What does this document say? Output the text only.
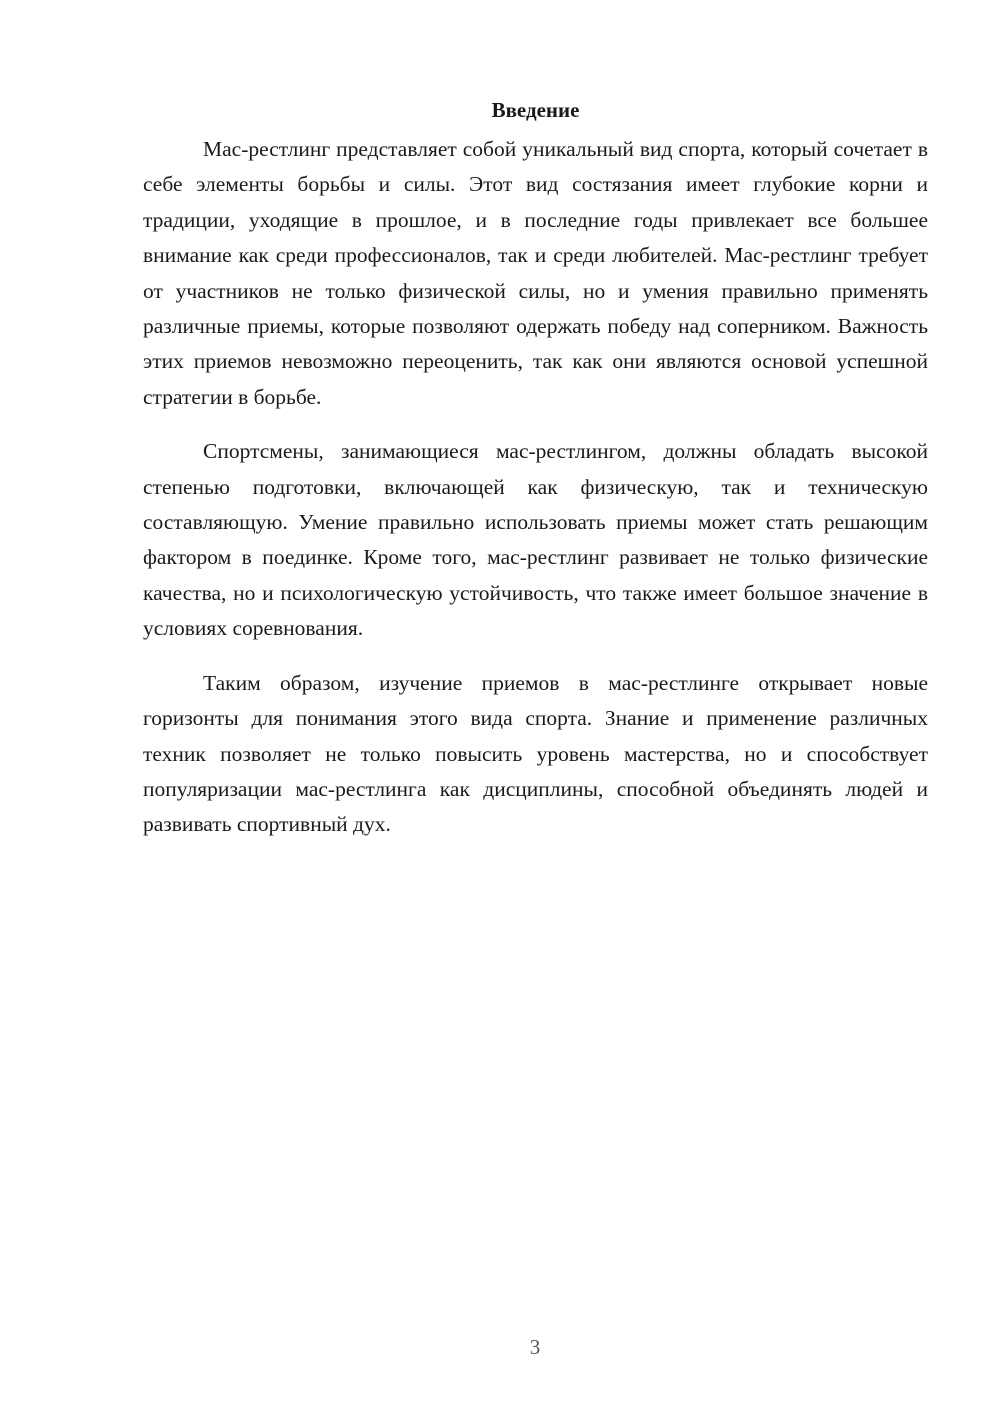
Введение

Мас-рестлинг представляет собой уникальный вид спорта, который сочетает в себе элементы борьбы и силы. Этот вид состязания имеет глубокие корни и традиции, уходящие в прошлое, и в последние годы привлекает все большее внимание как среди профессионалов, так и среди любителей. Мас-рестлинг требует от участников не только физической силы, но и умения правильно применять различные приемы, которые позволяют одержать победу над соперником. Важность этих приемов невозможно переоценить, так как они являются основой успешной стратегии в борьбе.

Спортсмены, занимающиеся мас-рестлингом, должны обладать высокой степенью подготовки, включающей как физическую, так и техническую составляющую. Умение правильно использовать приемы может стать решающим фактором в поединке. Кроме того, мас-рестлинг развивает не только физические качества, но и психологическую устойчивость, что также имеет большое значение в условиях соревнования.

Таким образом, изучение приемов в мас-рестлинге открывает новые горизонты для понимания этого вида спорта. Знание и применение различных техник позволяет не только повысить уровень мастерства, но и способствует популяризации мас-рестлинга как дисциплины, способной объединять людей и развивать спортивный дух.

3
